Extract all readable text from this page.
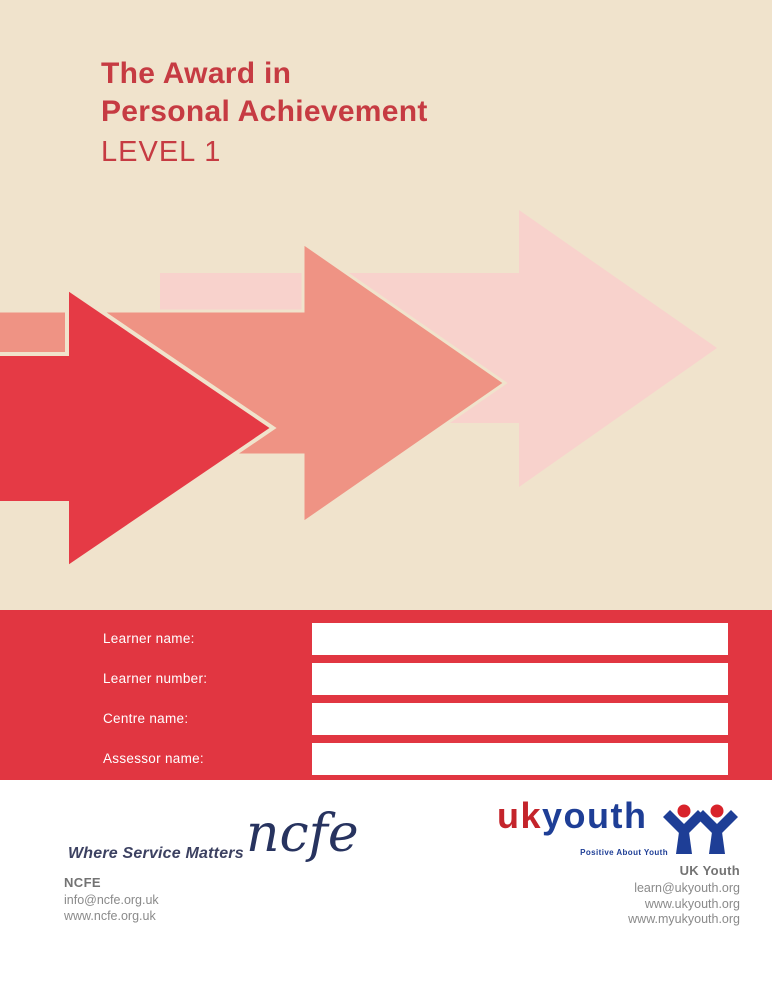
The Award in
Personal Achievement
LEVEL 1
Learner name:
Learner number:
Centre name:
Assessor name:
Where Service Matters ncfe
NCFE
info@ncfe.org.uk
www.ncfe.org.uk
ukyouth
Positive About Youth
UK Youth
learn@ukyouth.org
www.ukyouth.org
www.myukyouth.org
